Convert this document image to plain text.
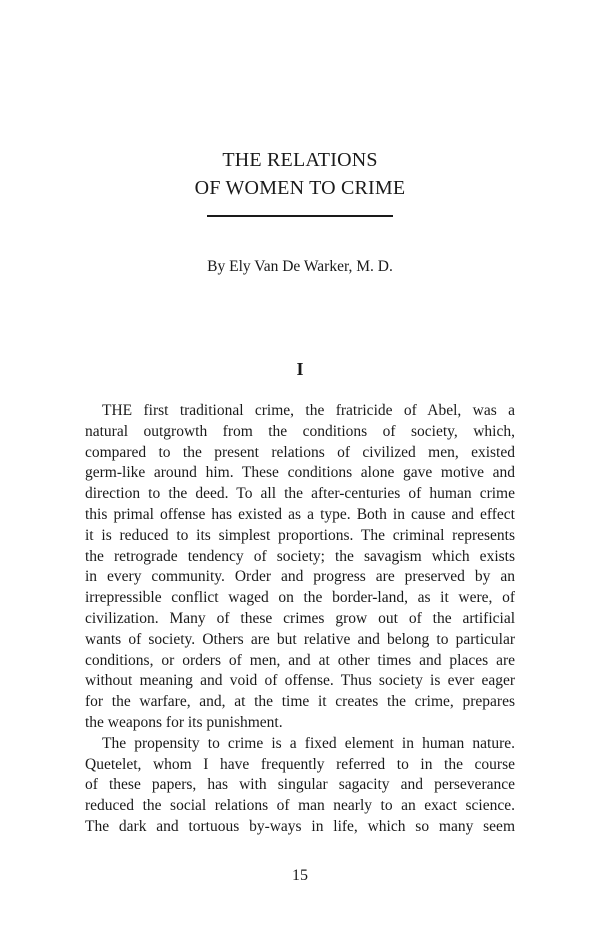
THE RELATIONS
OF WOMEN TO CRIME
By Ely Van De Warker, M. D.
I
THE first traditional crime, the fratricide of Abel, was a
natural outgrowth from the conditions of society, which,
compared to the present relations of civilized men, existed
germ-like around him. These conditions alone gave motive and
direction to the deed. To all the after-centuries of human crime
this primal offense has existed as a type. Both in cause and effect
it is reduced to its simplest proportions. The criminal represents
the retrograde tendency of society; the savagism which exists
in every community. Order and progress are preserved by an
irrepressible conflict waged on the border-land, as it were, of
civilization. Many of these crimes grow out of the artificial
wants of society. Others are but relative and belong to particular
conditions, or orders of men, and at other times and places are
without meaning and void of offense. Thus society is ever eager
for the warfare, and, at the time it creates the crime, prepares
the weapons for its punishment.
The propensity to crime is a fixed element in human nature.
Quetelet, whom I have frequently referred to in the course
of these papers, has with singular sagacity and perseverance
reduced the social relations of man nearly to an exact science.
The dark and tortuous by-ways in life, which so many seem
15
